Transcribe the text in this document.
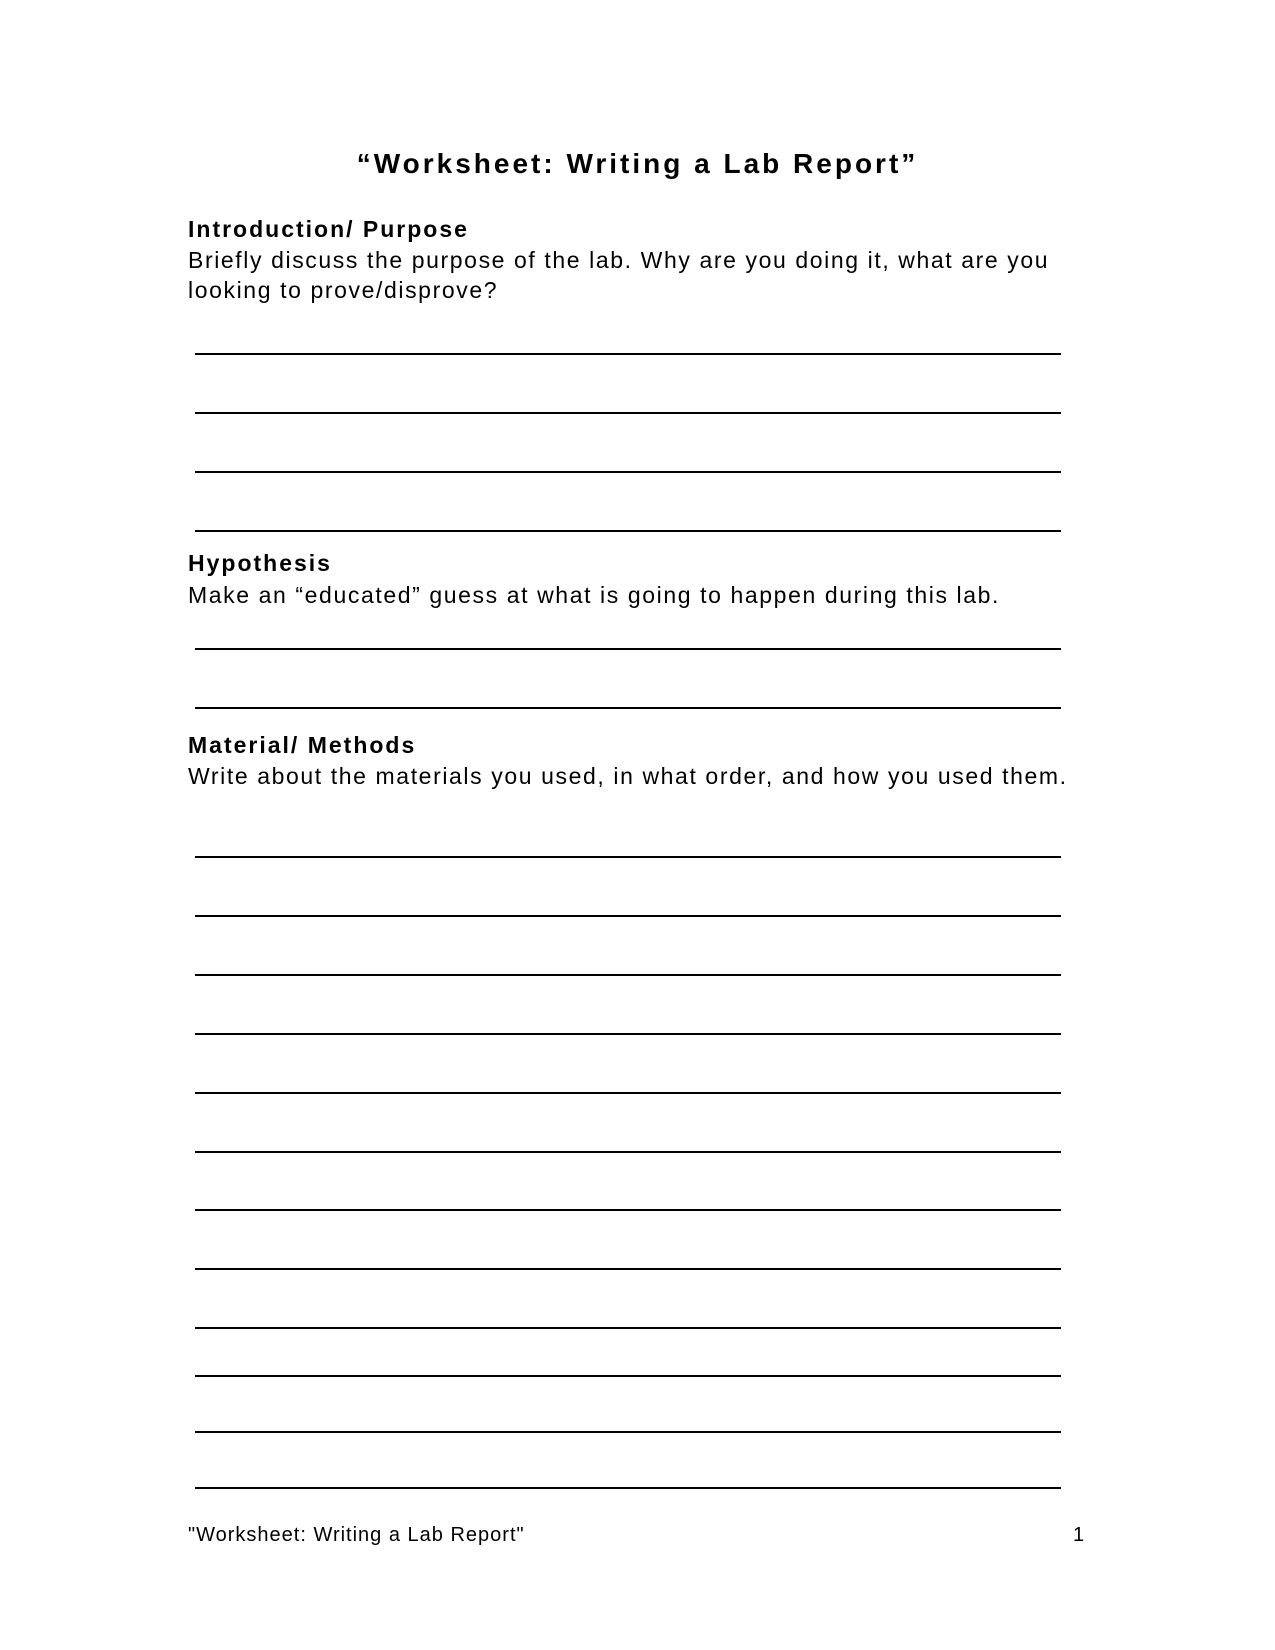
“Worksheet: Writing a Lab Report”
Introduction/ Purpose
Briefly discuss the purpose of the lab. Why are you doing it, what are you looking to prove/disprove?
Hypothesis
Make an “educated” guess at what is going to happen during this lab.
Material/ Methods
Write about the materials you used, in what order, and how you used them.
"Worksheet: Writing a Lab Report"	1
